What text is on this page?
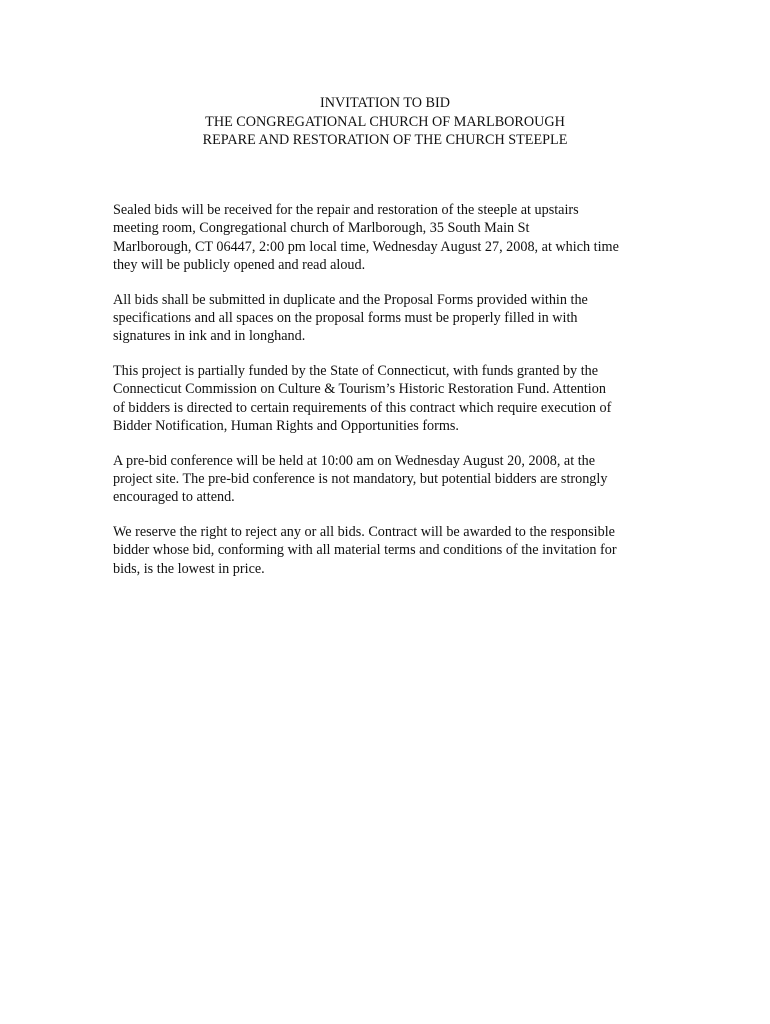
INVITATION TO BID
THE CONGREGATIONAL CHURCH OF MARLBOROUGH
REPARE AND RESTORATION OF THE CHURCH STEEPLE

Sealed bids will be received for the repair and restoration of the steeple at upstairs
meeting room, Congregational church of Marlborough, 35 South Main St
Marlborough, CT 06447, 2:00 pm local time, Wednesday August 27, 2008, at which time
they will be publicly opened and read aloud.

All bids shall be submitted in duplicate and the Proposal Forms provided within the
specifications and all spaces on the proposal forms must be properly filled in with
signatures in ink and in longhand.

This project is partially funded by the State of Connecticut, with funds granted by the
Connecticut Commission on Culture & Tourism’s Historic Restoration Fund. Attention
of bidders is directed to certain requirements of this contract which require execution of
Bidder Notification, Human Rights and Opportunities forms.

A pre-bid conference will be held at 10:00 am on Wednesday August 20, 2008, at the
project site. The pre-bid conference is not mandatory, but potential bidders are strongly
encouraged to attend.

We reserve the right to reject any or all bids. Contract will be awarded to the responsible
bidder whose bid, conforming with all material terms and conditions of the invitation for
bids, is the lowest in price.
